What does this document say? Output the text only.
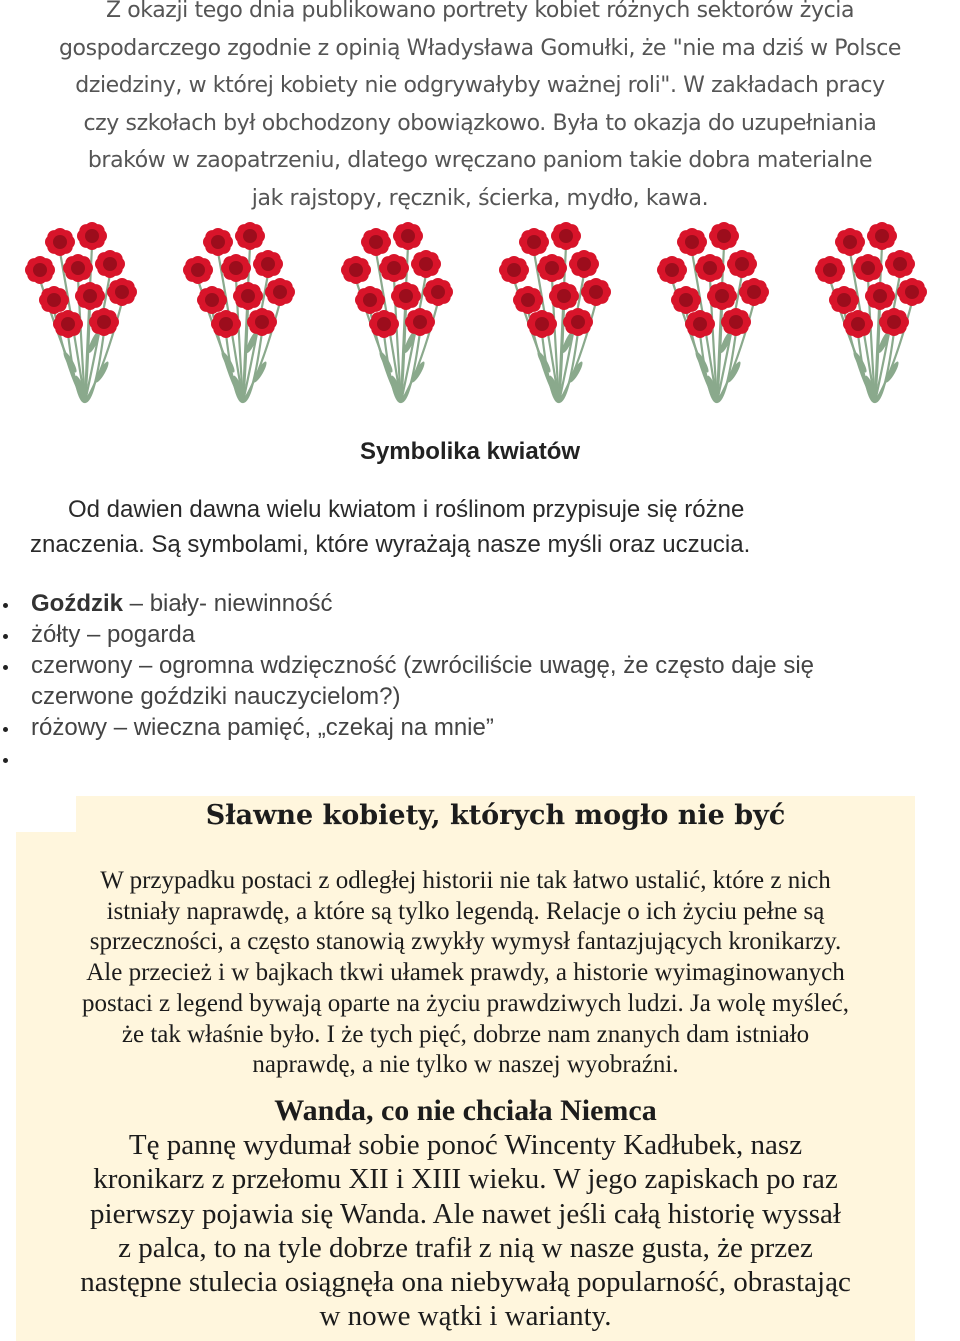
Z okazji tego dnia publikowano portrety kobiet różnych sektorów życia

gospodarczego zgodnie z opinią Władysława Gomułki, że "nie ma dziś w Polsce

dziedziny, w której kobiety nie odgrywałyby ważnej roli". W zakładach pracy

czy szkołach był obchodzony obowiązkowo. Była to okazja do uzupełniania

braków w zaopatrzeniu, dlatego wręczano paniom takie dobra materialne

jak rajstopy, ręcznik, ścierka, mydło, kawa.

Symbolika kwiatów
Od dawien dawna wielu kwiatom i roślinom przypisuje się różne
znaczenia. Są symbolami, które wyrażają nasze myśli oraz uczucia.
Goździk – biały- niewinność
żółty – pogarda
czerwony – ogromna wdzięczność (zwróciliście uwagę, że często daje się
czerwone goździki nauczycielom?)
różowy – wieczna pamięć, „czekaj na mnie”
Sławne kobiety, których mogło nie być
W przypadku postaci z odległej historii nie tak łatwo ustalić, które z nich
istniały naprawdę, a które są tylko legendą. Relacje o ich życiu pełne są
sprzeczności, a często stanowią zwykły wymysł fantazjujących kronikarzy.
Ale przecież i w bajkach tkwi ułamek prawdy, a historie wyimaginowanych
postaci z legend bywają oparte na życiu prawdziwych ludzi. Ja wolę myśleć,
że tak właśnie było. I że tych pięć, dobrze nam znanych dam istniało
naprawdę, a nie tylko w naszej wyobraźni.
Wanda, co nie chciała Niemca
Tę pannę wydumał sobie ponoć Wincenty Kadłubek, nasz
kronikarz z przełomu XII i XIII wieku. W jego zapiskach po raz
pierwszy pojawia się Wanda. Ale nawet jeśli całą historię wyssał
z palca, to na tyle dobrze trafił z nią w nasze gusta, że przez
następne stulecia osiągnęła ona niebywałą popularność, obrastając
w nowe wątki i warianty.
